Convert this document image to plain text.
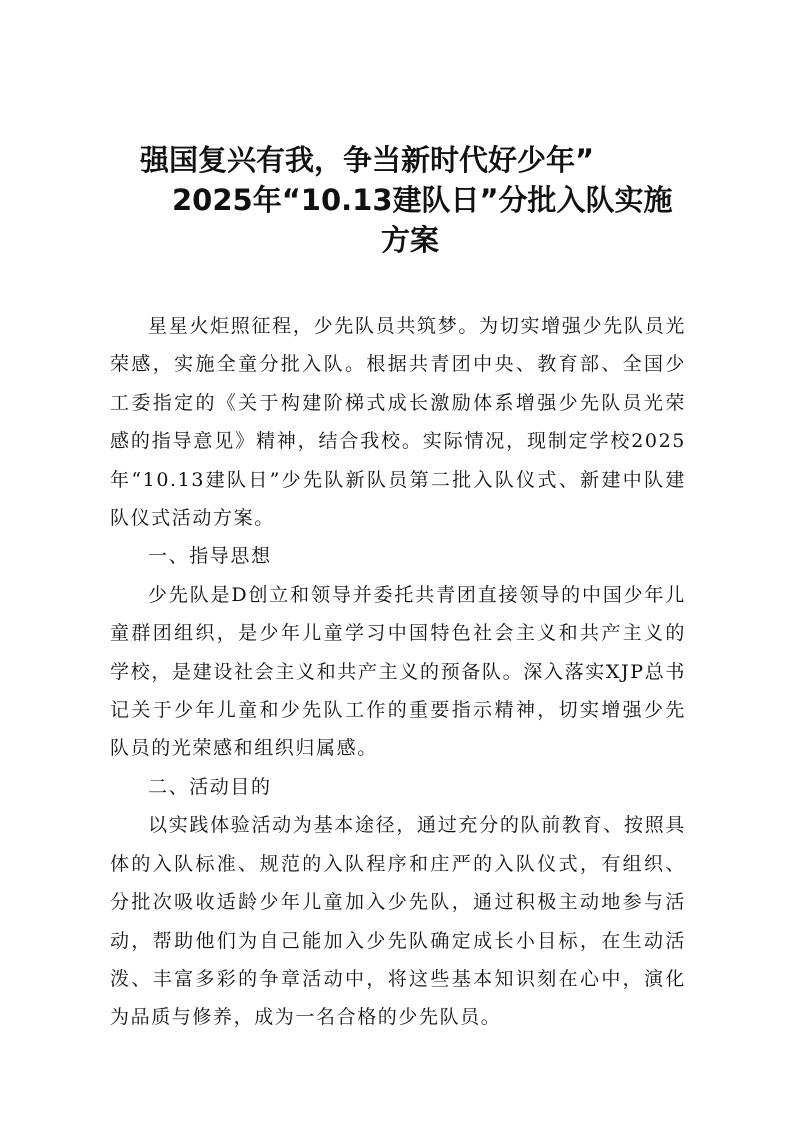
强国复兴有我，争当新时代好少年”
2025年“10.13建队日”分批入队实施
方案

星星火炬照征程，少先队员共筑梦。为切实增强少先队员光荣感，实施全童分批入队。根据共青团中央、教育部、全国少工委指定的《关于构建阶梯式成长激励体系增强少先队员光荣感的指导意见》精神，结合我校。实际情况，现制定学校2025年“10.13建队日”少先队新队员第二批入队仪式、新建中队建队仪式活动方案。

一、指导思想

少先队是D创立和领导并委托共青团直接领导的中国少年儿童群团组织，是少年儿童学习中国特色社会主义和共产主义的学校，是建设社会主义和共产主义的预备队。深入落实XJP总书记关于少年儿童和少先队工作的重要指示精神，切实增强少先队员的光荣感和组织归属感。

二、活动目的

以实践体验活动为基本途径，通过充分的队前教育、按照具体的入队标准、规范的入队程序和庄严的入队仪式，有组织、分批次吸收适龄少年儿童加入少先队，通过积极主动地参与活动，帮助他们为自己能加入少先队确定成长小目标，在生动活泼、丰富多彩的争章活动中，将这些基本知识刻在心中，演化为品质与修养，成为一名合格的少先队员。
